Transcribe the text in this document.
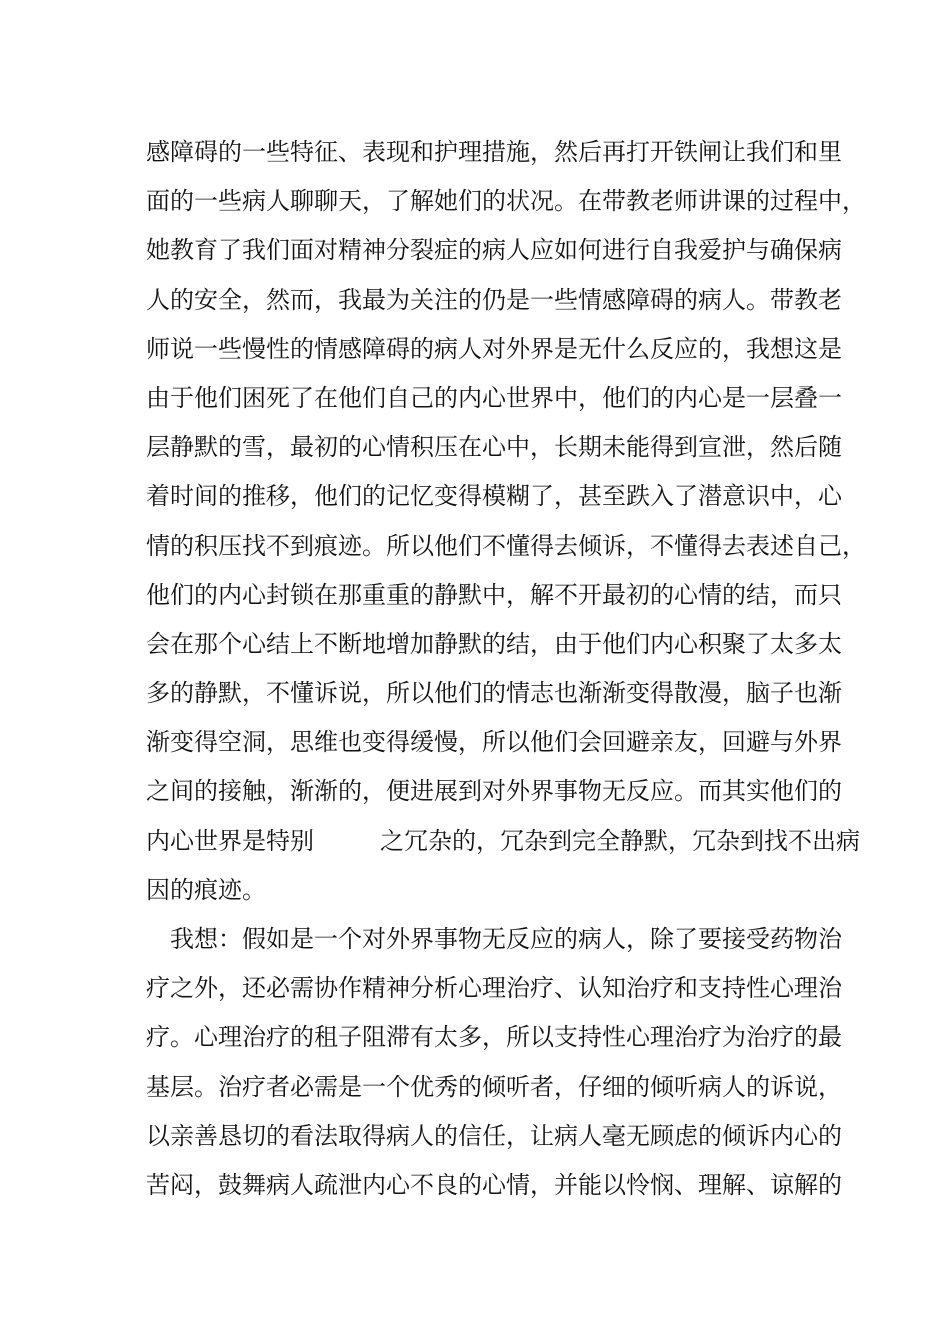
感障碍的一些特征、表现和护理措施，然后再打开铁闸让我们和里
面的一些病人聊聊天，了解她们的状况。在带教老师讲课的过程中，
她教育了我们面对精神分裂症的病人应如何进行自我爱护与确保病
人的安全，然而，我最为关注的仍是一些情感障碍的病人。带教老
师说一些慢性的情感障碍的病人对外界是无什么反应的，我想这是
由于他们困死了在他们自己的内心世界中，他们的内心是一层叠一
层静默的雪，最初的心情积压在心中，长期未能得到宣泄，然后随
着时间的推移，他们的记忆变得模糊了，甚至跌入了潜意识中，心
情的积压找不到痕迹。所以他们不懂得去倾诉，不懂得去表述自己，
他们的内心封锁在那重重的静默中，解不开最初的心情的结，而只
会在那个心结上不断地增加静默的结，由于他们内心积聚了太多太
多的静默，不懂诉说，所以他们的情志也渐渐变得散漫，脑子也渐
渐变得空洞，思维也变得缓慢，所以他们会回避亲友，回避与外界
之间的接触，渐渐的，便进展到对外界事物无反应。而其实他们的
内心世界是特别	之冗杂的，冗杂到完全静默，冗杂到找不出病
因的痕迹。
我想：假如是一个对外界事物无反应的病人，除了要接受药物治
疗之外，还必需协作精神分析心理治疗、认知治疗和支持性心理治
疗。心理治疗的租子阻滞有太多，所以支持性心理治疗为治疗的最
基层。治疗者必需是一个优秀的倾听者，仔细的倾听病人的诉说，
以亲善恳切的看法取得病人的信任，让病人毫无顾虑的倾诉内心的
苦闷，鼓舞病人疏泄内心不良的心情，并能以怜悯、理解、谅解的
